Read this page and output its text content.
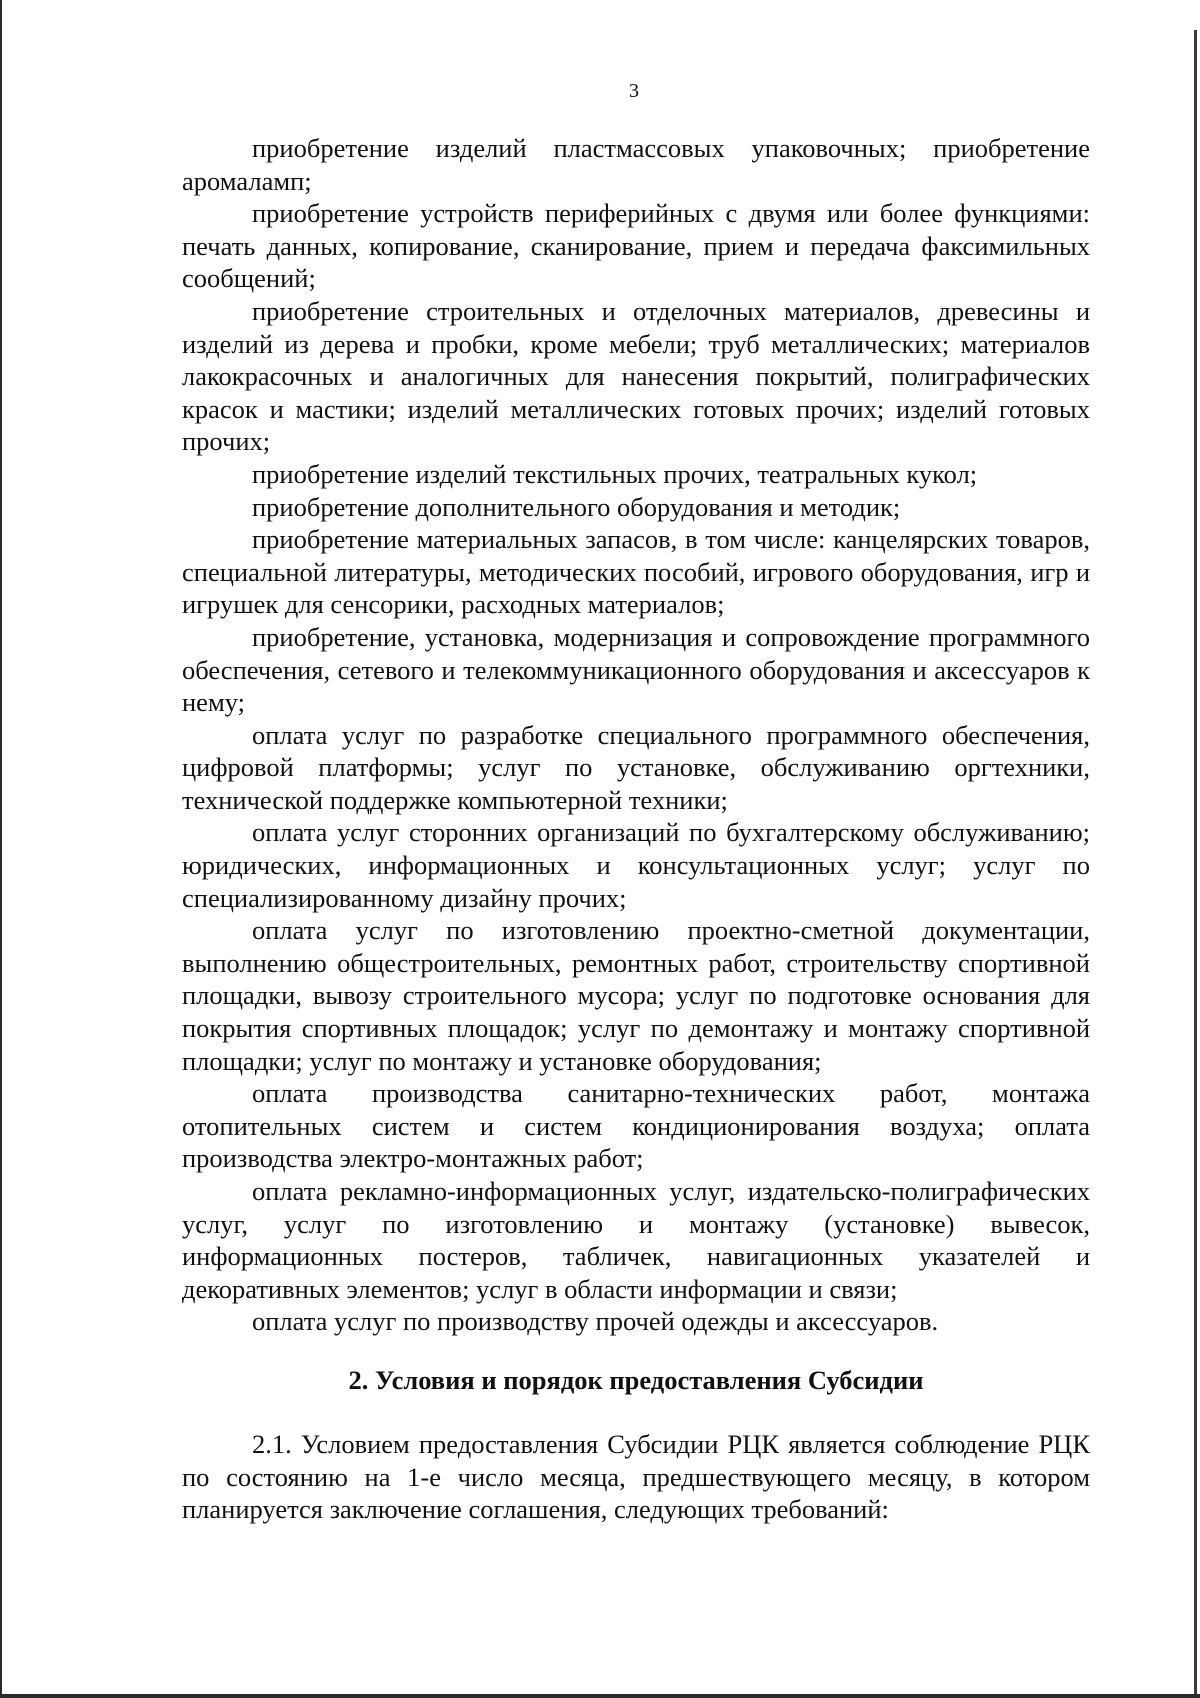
3

приобретение изделий пластмассовых упаковочных; приобретение аромаламп;

приобретение устройств периферийных с двумя или более функциями: печать данных, копирование, сканирование, прием и передача факсимильных сообщений;

приобретение строительных и отделочных материалов, древесины и изделий из дерева и пробки, кроме мебели; труб металлических; материалов лакокрасочных и аналогичных для нанесения покрытий, полиграфических красок и мастики; изделий металлических готовых прочих; изделий готовых прочих;

приобретение изделий текстильных прочих, театральных кукол;

приобретение дополнительного оборудования и методик;

приобретение материальных запасов, в том числе: канцелярских товаров, специальной литературы, методических пособий, игрового оборудования, игр и игрушек для сенсорики, расходных материалов;

приобретение, установка, модернизация и сопровождение программного обеспечения, сетевого и телекоммуникационного оборудования и аксессуаров к нему;

оплата услуг по разработке специального программного обеспечения, цифровой платформы; услуг по установке, обслуживанию оргтехники, технической поддержке компьютерной техники;

оплата услуг сторонних организаций по бухгалтерскому обслуживанию; юридических, информационных и консультационных услуг; услуг по специализированному дизайну прочих;

оплата услуг по изготовлению проектно-сметной документации, выполнению общестроительных, ремонтных работ, строительству спортивной площадки, вывозу строительного мусора; услуг по подготовке основания для покрытия спортивных площадок; услуг по демонтажу и монтажу спортивной площадки; услуг по монтажу и установке оборудования;

оплата производства санитарно-технических работ, монтажа отопительных систем и систем кондиционирования воздуха; оплата производства электро-монтажных работ;

оплата рекламно-информационных услуг, издательско-полиграфических услуг, услуг по изготовлению и монтажу (установке) вывесок, информационных постеров, табличек, навигационных указателей и декоративных элементов; услуг в области информации и связи;

оплата услуг по производству прочей одежды и аксессуаров.

2. Условия и порядок предоставления Субсидии

2.1. Условием предоставления Субсидии РЦК является соблюдение РЦК по состоянию на 1-е число месяца, предшествующего месяцу, в котором планируется заключение соглашения, следующих требований:
